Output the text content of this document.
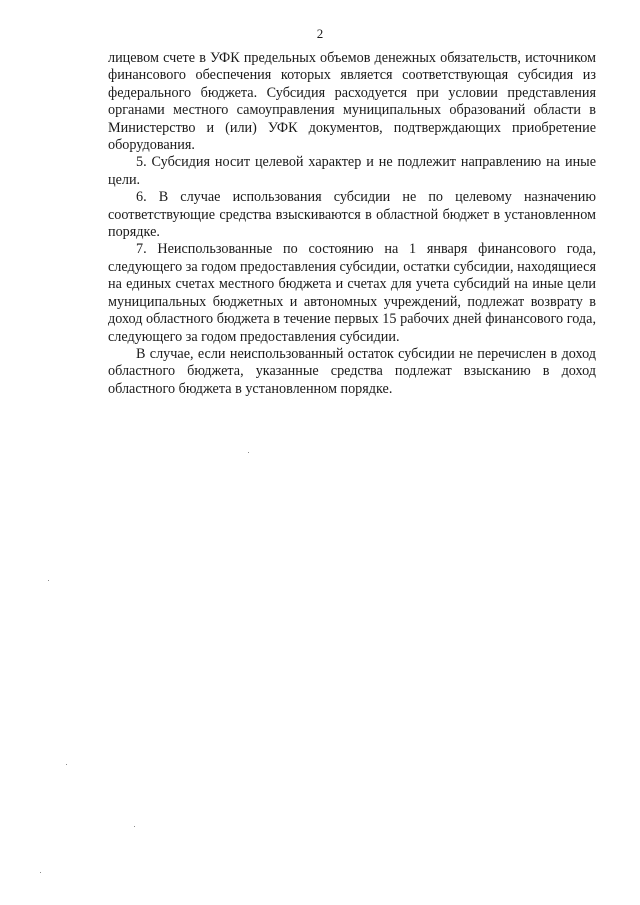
2

лицевом счете в УФК предельных объемов денежных обязательств, источником финансового обеспечения которых является соответствующая субсидия из федерального бюджета. Субсидия расходуется при условии представления органами местного самоуправления муниципальных образований области в Министерство и (или) УФК документов, подтверждающих приобретение оборудования.

5. Субсидия носит целевой характер и не подлежит направлению на иные цели.

6. В случае использования субсидии не по целевому назначению соответствующие средства взыскиваются в областной бюджет в установленном порядке.

7. Неиспользованные по состоянию на 1 января финансового года, следующего за годом предоставления субсидии, остатки субсидии, находящиеся на единых счетах местного бюджета и счетах для учета субсидий на иные цели муниципальных бюджетных и автономных учреждений, подлежат возврату в доход областного бюджета в течение первых 15 рабочих дней финансового года, следующего за годом предоставления субсидии.

В случае, если неиспользованный остаток субсидии не перечислен в доход областного бюджета, указанные средства подлежат взысканию в доход областного бюджета в установленном порядке.
